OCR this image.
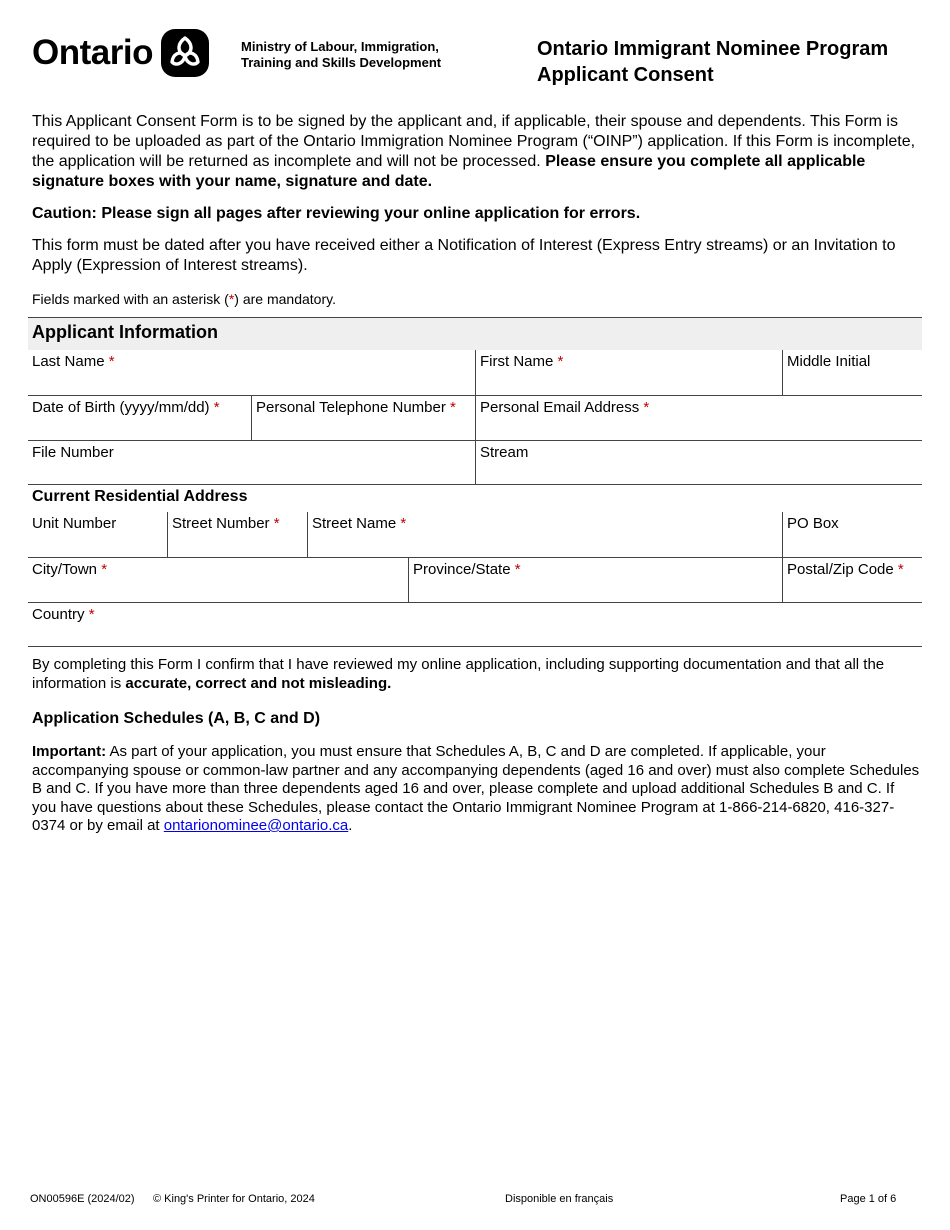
Ontario	Ministry of Labour, Immigration,
Training and Skills Development
Ontario Immigrant Nominee Program
Applicant Consent

This Applicant Consent Form is to be signed by the applicant and, if applicable, their spouse and dependents. This Form is required to be uploaded as part of the Ontario Immigration Nominee Program (“OINP”) application. If this Form is incomplete, the application will be returned as incomplete and will not be processed. Please ensure you complete all applicable signature boxes with your name, signature and date.

Caution: Please sign all pages after reviewing your online application for errors.

This form must be dated after you have received either a Notification of Interest (Express Entry streams) or an Invitation to Apply (Expression of Interest streams).

Fields marked with an asterisk (*) are mandatory.

Applicant Information
Last Name *	First Name *	Middle Initial
Date of Birth (yyyy/mm/dd) *	Personal Telephone Number *	Personal Email Address *
File Number	Stream
Current Residential Address
Unit Number	Street Number *	Street Name *	PO Box
City/Town *	Province/State *	Postal/Zip Code *
Country *

By completing this Form I confirm that I have reviewed my online application, including supporting documentation and that all the information is accurate, correct and not misleading.

Application Schedules (A, B, C and D)

Important: As part of your application, you must ensure that Schedules A, B, C and D are completed. If applicable, your accompanying spouse or common-law partner and any accompanying dependents (aged 16 and over) must also complete Schedules B and C. If you have more than three dependents aged 16 and over, please complete and upload additional Schedules B and C. If you have questions about these Schedules, please contact the Ontario Immigrant Nominee Program at 1-866-214-6820, 416-327-0374 or by email at ontarionominee@ontario.ca.

ON00596E (2024/02) © King's Printer for Ontario, 2024	Disponible en français	Page 1 of 6
